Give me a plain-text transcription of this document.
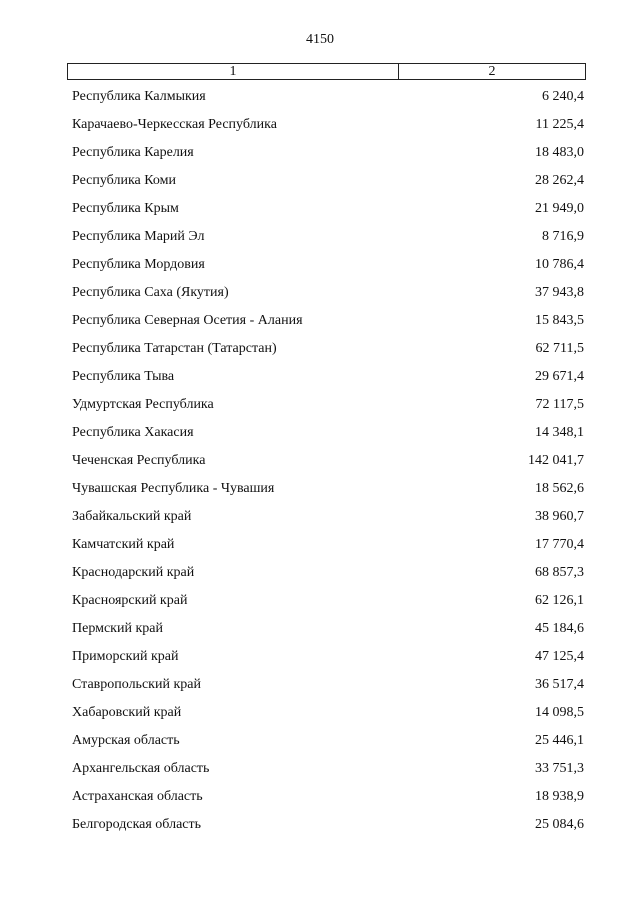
4150
1	2
Республика Калмыкия	6 240,4
Карачаево-Черкесская Республика	11 225,4
Республика Карелия	18 483,0
Республика Коми	28 262,4
Республика Крым	21 949,0
Республика Марий Эл	8 716,9
Республика Мордовия	10 786,4
Республика Саха (Якутия)	37 943,8
Республика Северная Осетия - Алания	15 843,5
Республика Татарстан (Татарстан)	62 711,5
Республика Тыва	29 671,4
Удмуртская Республика	72 117,5
Республика Хакасия	14 348,1
Чеченская Республика	142 041,7
Чувашская Республика - Чувашия	18 562,6
Забайкальский край	38 960,7
Камчатский край	17 770,4
Краснодарский край	68 857,3
Красноярский край	62 126,1
Пермский край	45 184,6
Приморский край	47 125,4
Ставропольский край	36 517,4
Хабаровский край	14 098,5
Амурская область	25 446,1
Архангельская область	33 751,3
Астраханская область	18 938,9
Белгородская область	25 084,6
